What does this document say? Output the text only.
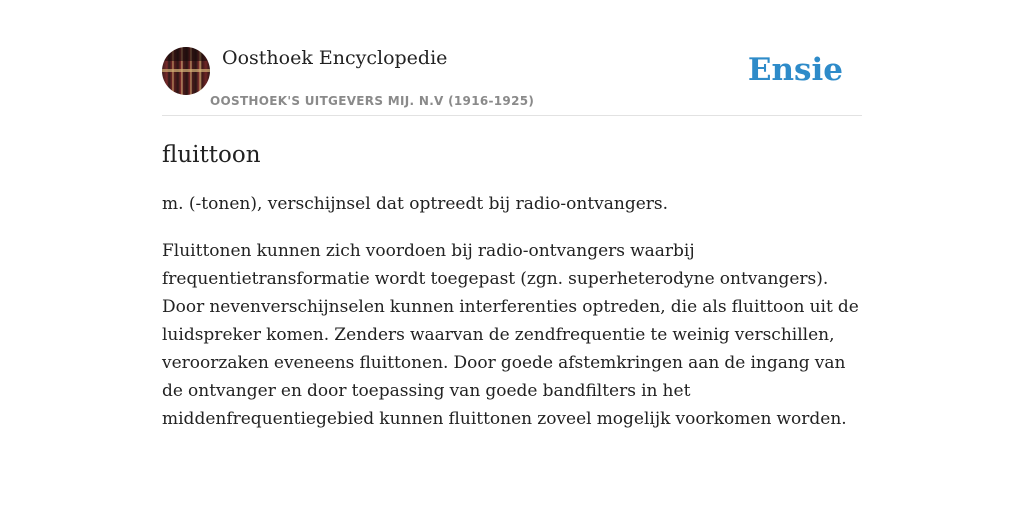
Oosthoek Encyclopedie
OOSTHOEK'S UITGEVERS MIJ. N.V (1916-1925)
Ensie
fluittoon

m. (-tonen), verschijnsel dat optreedt bij radio-ontvangers.

Fluittonen kunnen zich voordoen bij radio-ontvangers waarbij frequentietransformatie wordt toegepast (zgn. superheterodyne ontvangers). Door nevenverschijnselen kunnen interferenties optreden, die als fluittoon uit de luidspreker komen. Zenders waarvan de zendfrequentie te weinig verschillen, veroorzaken eveneens fluittonen. Door goede afstemkringen aan de ingang van de ontvanger en door toepassing van goede bandfilters in het middenfrequentiegebied kunnen fluittonen zoveel mogelijk voorkomen worden.
